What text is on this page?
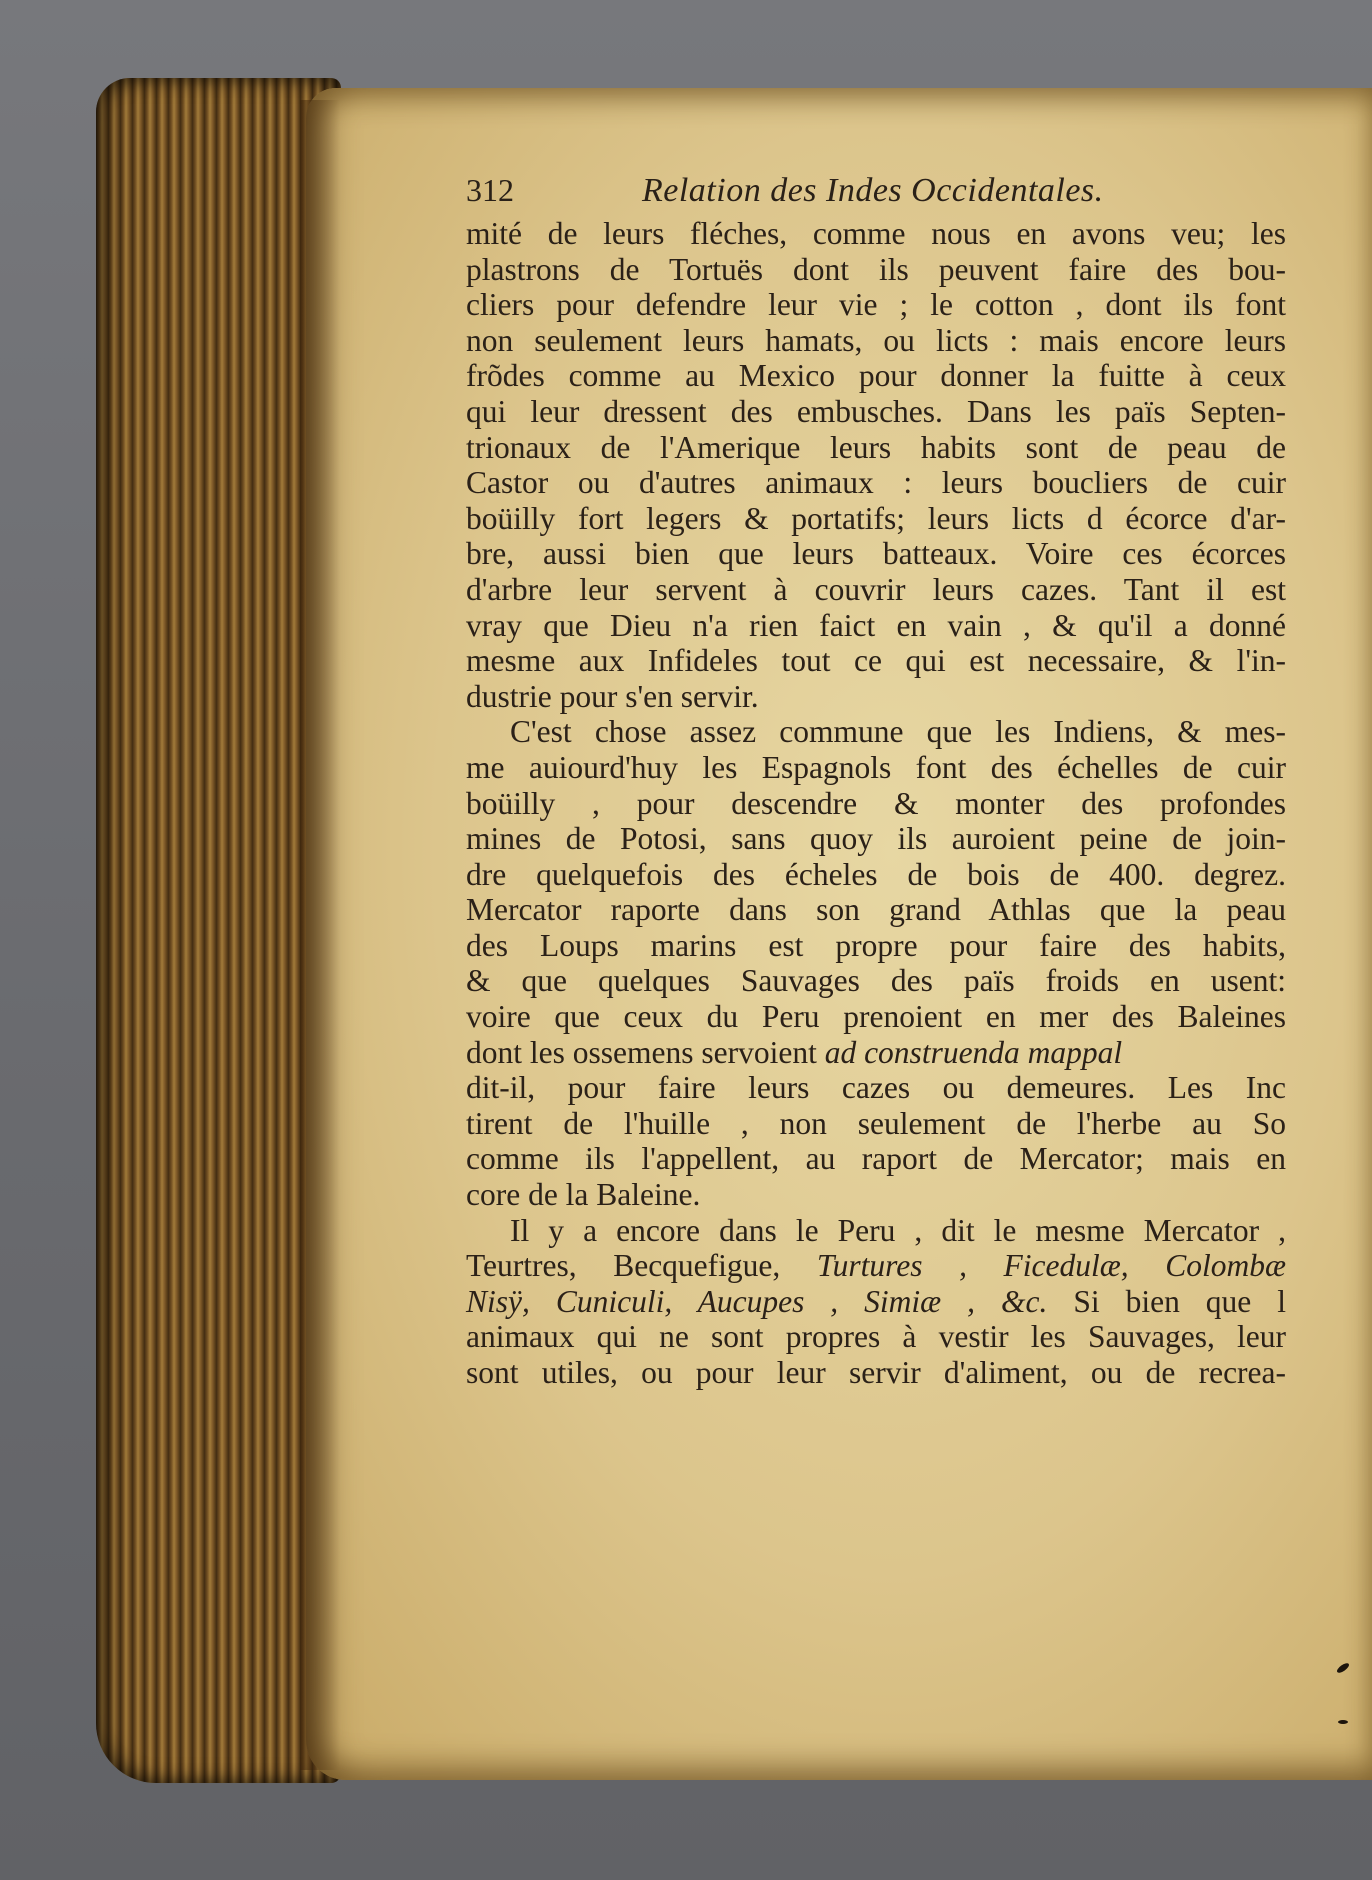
312	Relation des Indes Occidentales.
mité de leurs fléches, comme nous en avons veu; les
plastrons de Tortuës dont ils peuvent faire des bou-
cliers pour defendre leur vie ; le cotton , dont ils font
non seulement leurs hamats, ou licts : mais encore leurs
frõdes comme au Mexico pour donner la fuitte à ceux
qui leur dressent des embusches. Dans les païs Septen-
trionaux de l'Amerique leurs habits sont de peau de
Castor ou d'autres animaux : leurs boucliers de cuir
boüilly fort legers & portatifs; leurs licts d écorce d'ar-
bre, aussi bien que leurs batteaux. Voire ces écorces
d'arbre leur servent à couvrir leurs cazes. Tant il est
vray que Dieu n'a rien faict en vain , & qu'il a donné
mesme aux Infideles tout ce qui est necessaire, & l'in-
dustrie pour s'en servir.
C'est chose assez commune que les Indiens, & mes-
me auiourd'huy les Espagnols font des échelles de cuir
boüilly , pour descendre & monter des profondes
mines de Potosi, sans quoy ils auroient peine de join-
dre quelquefois des écheles de bois de 400. degrez.
Mercator raporte dans son grand Athlas que la peau
des Loups marins est propre pour faire des habits,
& que quelques Sauvages des païs froids en usent:
voire que ceux du Peru prenoient en mer des Baleines
dont les ossemens servoient ad construenda mappal
dit-il, pour faire leurs cazes ou demeures. Les Inc
tirent de l'huille , non seulement de l'herbe au So
comme ils l'appellent, au raport de Mercator; mais en
core de la Baleine.
Il y a encore dans le Peru , dit le mesme Mercator ,
Teurtres, Becquefigue, Turtures , Ficedulæ, Colombæ
Nisÿ, Cuniculi, Aucupes , Simiæ , &c. Si bien que l
animaux qui ne sont propres à vestir les Sauvages, leur
sont utiles, ou pour leur servir d'aliment, ou de recrea-
